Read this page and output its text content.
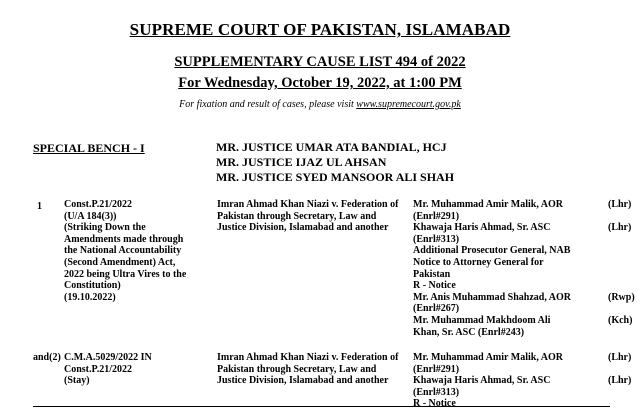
SUPREME COURT OF PAKISTAN, ISLAMABAD
SUPPLEMENTARY CAUSE LIST 494 of 2022
For Wednesday, October 19, 2022, at 1:00 PM
For fixation and result of cases, please visit www.supremecourt.gov.pk
SPECIAL BENCH - I	MR. JUSTICE UMAR ATA BANDIAL, HCJ
MR. JUSTICE IJAZ UL AHSAN
MR. JUSTICE SYED MANSOOR ALI SHAH
1 Const.P.21/2022
(U/A 184(3))
(Striking Down the
Amendments made through
the National Accountability
(Second Amendment) Act,
2022 being Ultra Vires to the
Constitution)
(19.10.2022)
Imran Ahmad Khan Niazi v. Federation of
Pakistan through Secretary, Law and
Justice Division, Islamabad and another
Mr. Muhammad Amir Malik, AOR
(Enrl#291)
Khawaja Haris Ahmad, Sr. ASC
(Enrl#313)
Additional Prosecutor General, NAB
Notice to Attorney General for
Pakistan
R - Notice
Mr. Anis Muhammad Shahzad, AOR
(Enrl#267)
Mr. Muhammad Makhdoom Ali
Khan, Sr. ASC (Enrl#243)
(Lhr)

(Lhr)

(Rwp)

(Kch)
and(2) C.M.A.5029/2022 IN
Const.P.21/2022
(Stay)
Imran Ahmad Khan Niazi v. Federation of
Pakistan through Secretary, Law and
Justice Division, Islamabad and another
Mr. Muhammad Amir Malik, AOR
(Enrl#291)
Khawaja Haris Ahmad, Sr. ASC
(Enrl#313)
R - Notice
(Lhr)

(Lhr)
